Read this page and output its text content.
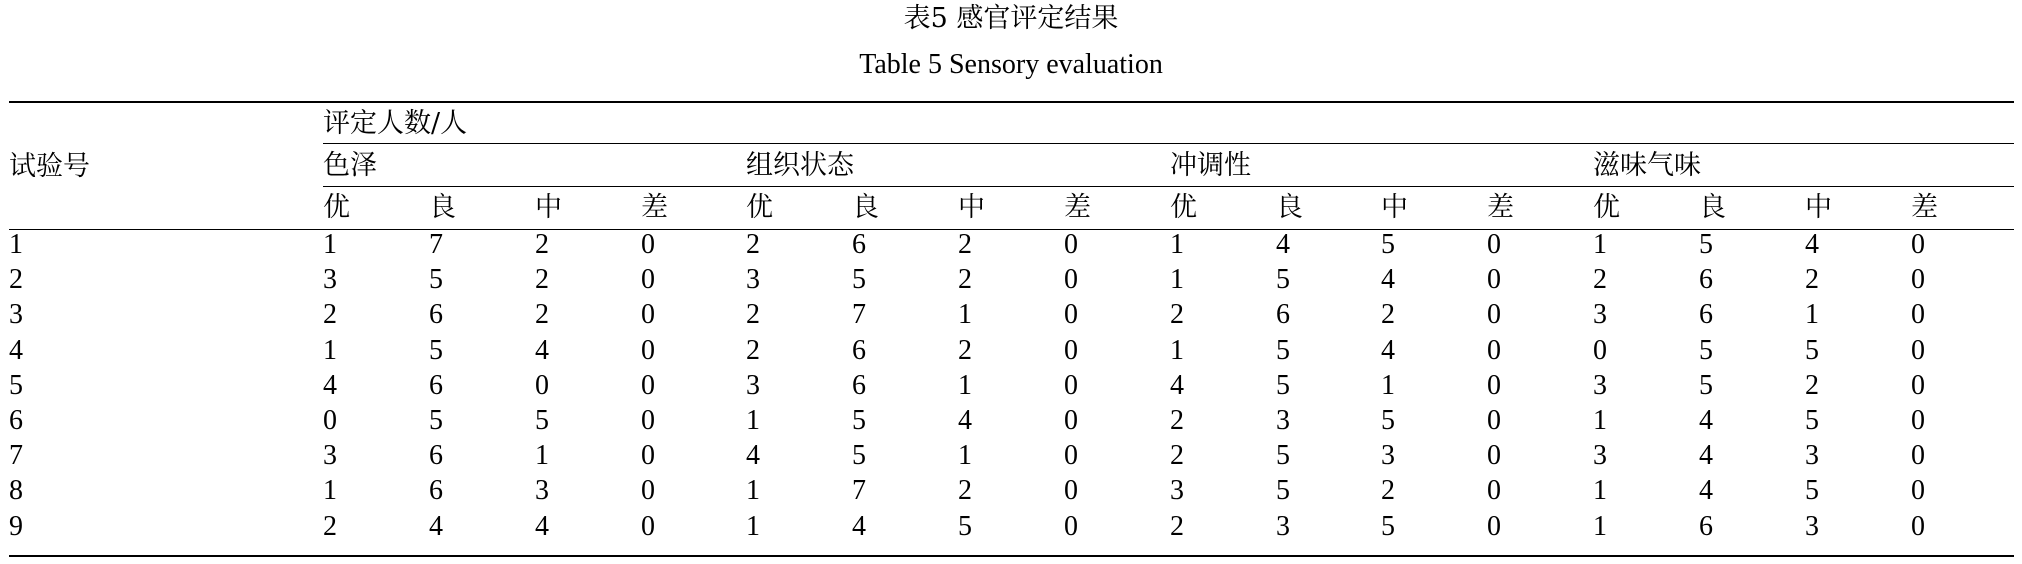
表5 感官评定结果
Table 5 Sensory evaluation
试验号
评定人数/人
色泽	组织状态	冲调性	滋味气味
优	良	中	差	优	良	中	差	优	良	中	差	优	良	中	差
1	1	7	2	0	2	6	2	0	1	4	5	0	1	5	4	0
2	3	5	2	0	3	5	2	0	1	5	4	0	2	6	2	0
3	2	6	2	0	2	7	1	0	2	6	2	0	3	6	1	0
4	1	5	4	0	2	6	2	0	1	5	4	0	0	5	5	0
5	4	6	0	0	3	6	1	0	4	5	1	0	3	5	2	0
6	0	5	5	0	1	5	4	0	2	3	5	0	1	4	5	0
7	3	6	1	0	4	5	1	0	2	5	3	0	3	4	3	0
8	1	6	3	0	1	7	2	0	3	5	2	0	1	4	5	0
9	2	4	4	0	1	4	5	0	2	3	5	0	1	6	3	0
